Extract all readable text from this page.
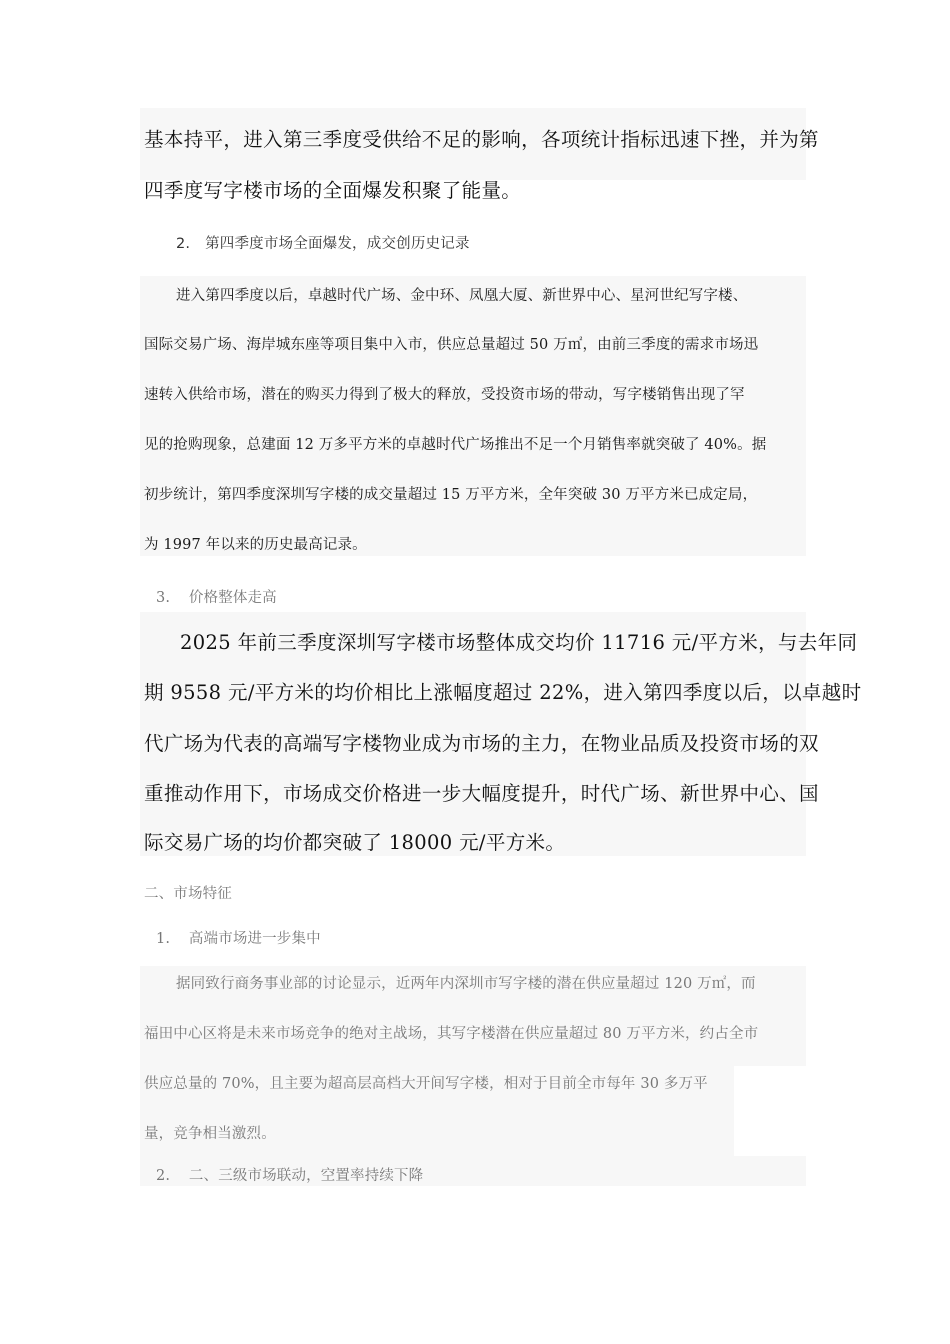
基本持平，进入第三季度受供给不足的影响，各项统计指标迅速下挫，并为第

四季度写字楼市场的全面爆发积聚了能量。

2. 第四季度市场全面爆发，成交创历史记录

进入第四季度以后，卓越时代广场、金中环、凤凰大厦、新世界中心、星河世纪写字楼、

国际交易广场、海岸城东座等项目集中入市，供应总量超过 50 万㎡，由前三季度的需求市场迅

速转入供给市场，潜在的购买力得到了极大的释放，受投资市场的带动，写字楼销售出现了罕

见的抢购现象，总建面 12 万多平方米的卓越时代广场推出不足一个月销售率就突破了 40%。据

初步统计，第四季度深圳写字楼的成交量超过 15 万平方米，全年突破 30 万平方米已成定局，

为 1997 年以来的历史最高记录。

3. 价格整体走高

2025 年前三季度深圳写字楼市场整体成交均价 11716 元/平方米，与去年同

期 9558 元/平方米的均价相比上涨幅度超过 22%，进入第四季度以后，以卓越时

代广场为代表的高端写字楼物业成为市场的主力，在物业品质及投资市场的双

重推动作用下，市场成交价格进一步大幅度提升，时代广场、新世界中心、国

际交易广场的均价都突破了 18000 元/平方米。

二、市场特征

1. 高端市场进一步集中

据同致行商务事业部的讨论显示，近两年内深圳市写字楼的潜在供应量超过 120 万㎡，而

福田中心区将是未来市场竞争的绝对主战场，其写字楼潜在供应量超过 80 万平方米，约占全市

供应总量的 70%，且主要为超高层高档大开间写字楼，相对于目前全市每年 30 多万平

量，竞争相当激烈。

2. 二、三级市场联动，空置率持续下降
